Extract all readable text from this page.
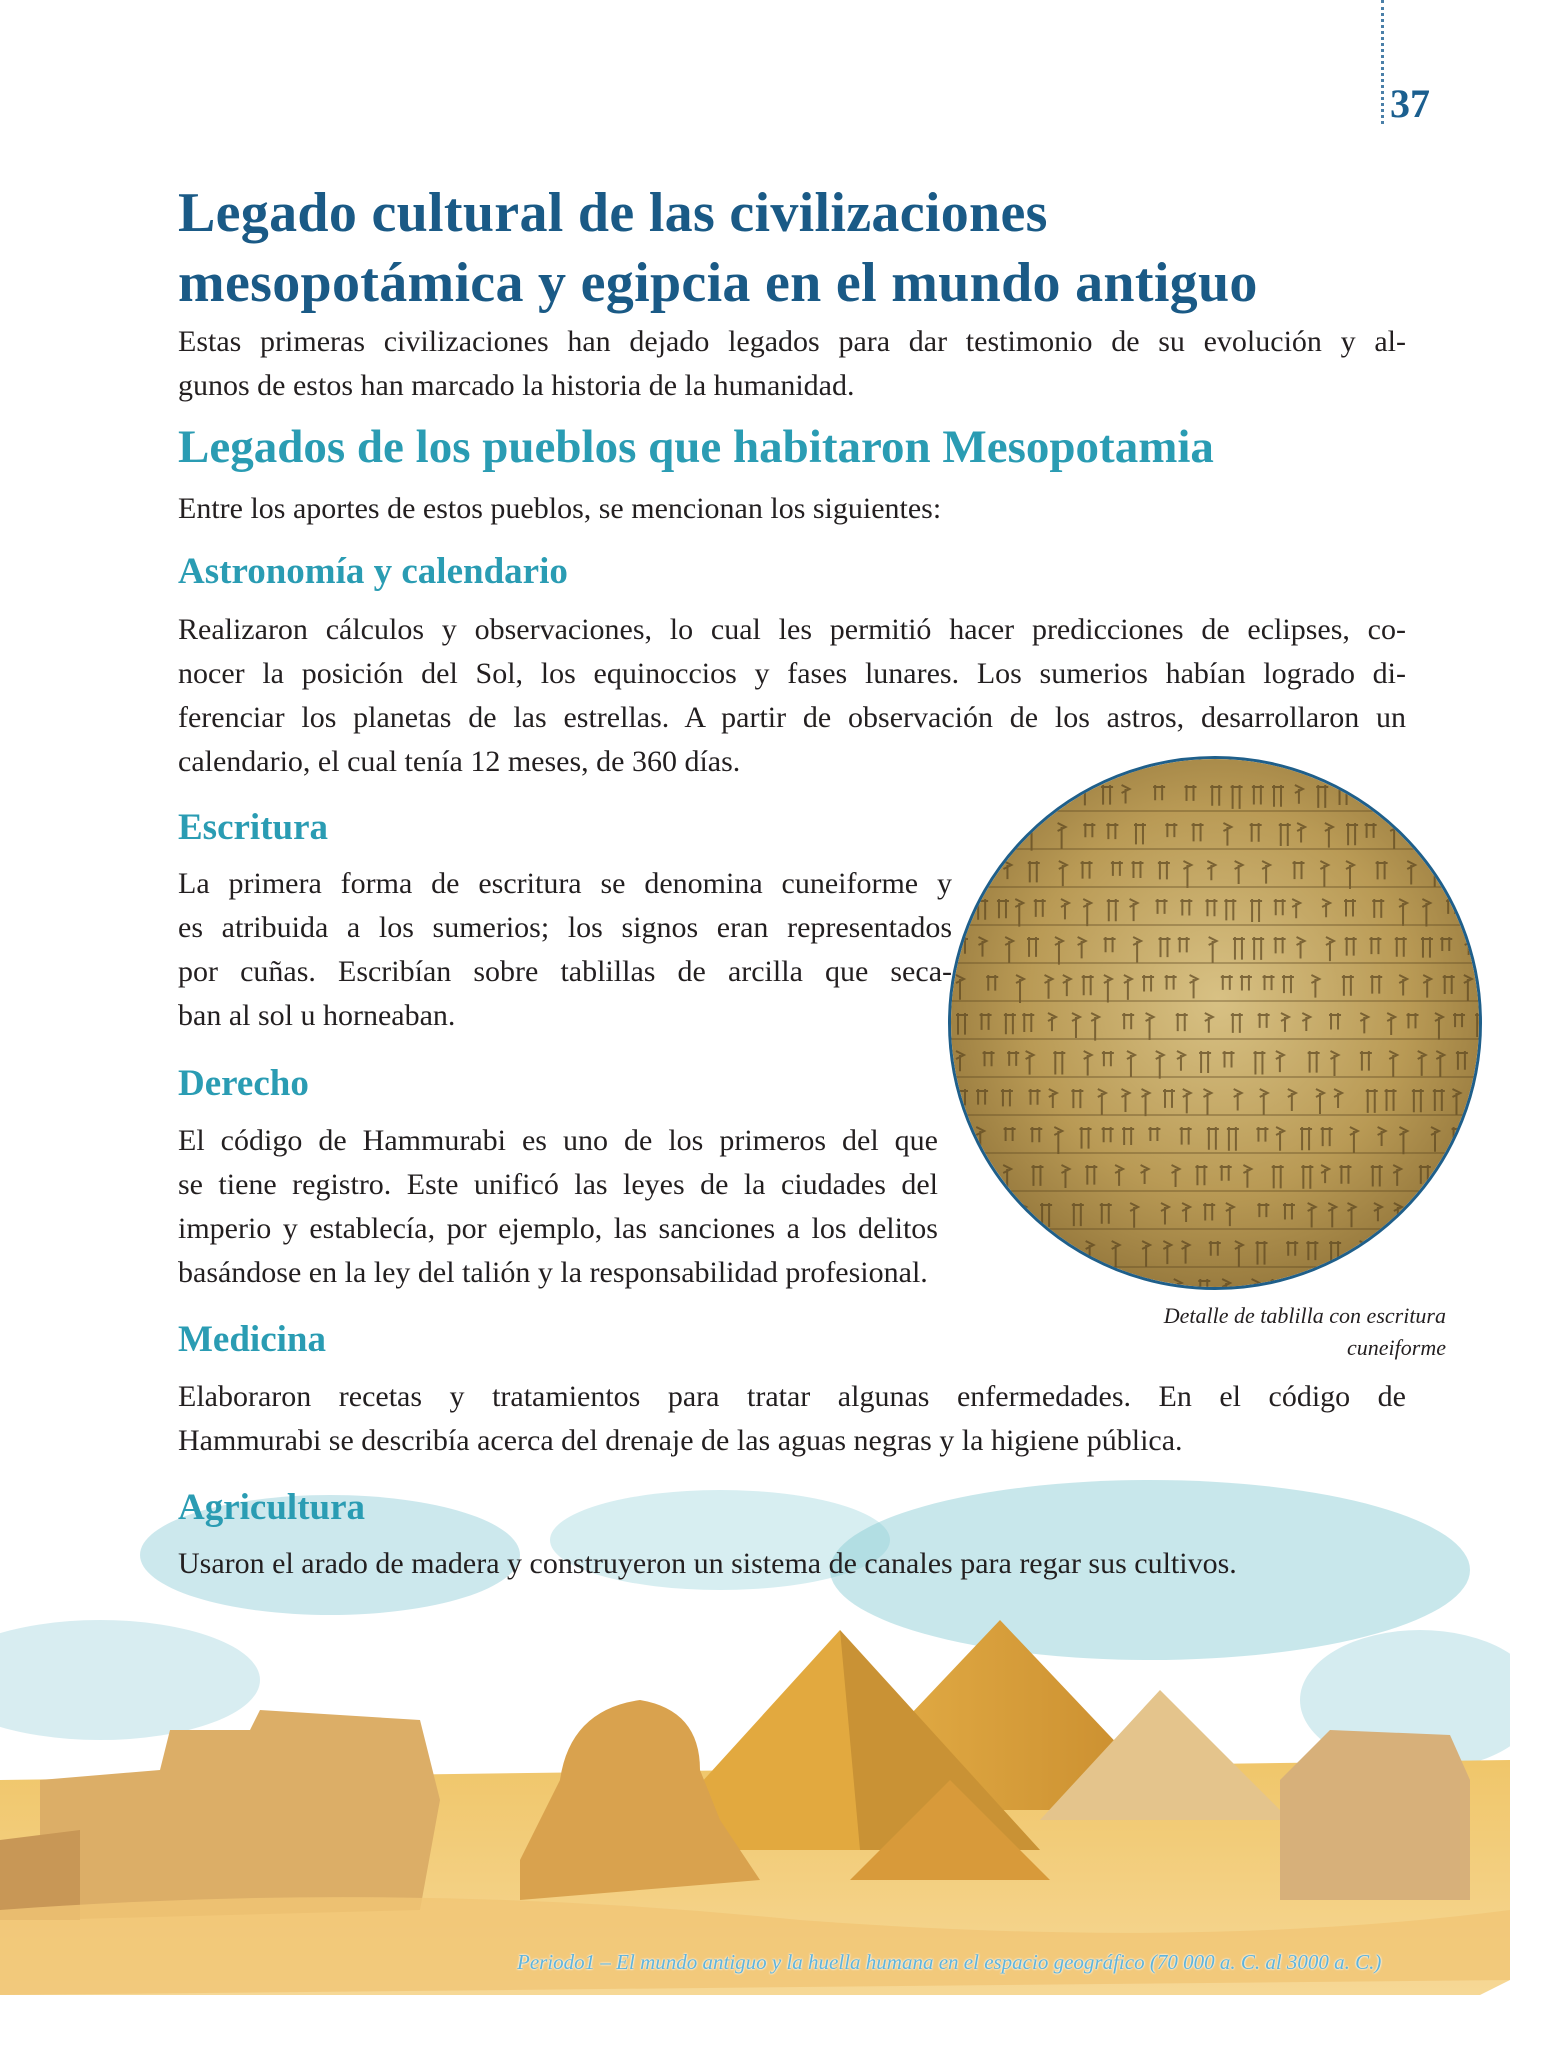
37
Legado cultural de las civilizaciones
mesopotámica y egipcia en el mundo antiguo
Estas primeras civilizaciones han dejado legados para dar testimonio de su evolución y al-
gunos de estos han marcado la historia de la humanidad.
Legados de los pueblos que habitaron Mesopotamia
Entre los aportes de estos pueblos, se mencionan los siguientes:
Astronomía y calendario
Realizaron cálculos y observaciones, lo cual les permitió hacer predicciones de eclipses, co-
nocer la posición del Sol, los equinoccios y fases lunares. Los sumerios habían logrado di-
ferenciar los planetas de las estrellas. A partir de observación de los astros, desarrollaron un
calendario, el cual tenía 12 meses, de 360 días.
Escritura
La primera forma de escritura se denomina cuneiforme y
es atribuida a los sumerios; los signos eran representados
por cuñas. Escribían sobre tablillas de arcilla que seca-
ban al sol u horneaban.
Derecho
El código de Hammurabi es uno de los primeros del que
se tiene registro. Este unificó las leyes de la ciudades del
imperio y establecía, por ejemplo, las sanciones a los delitos
basándose en la ley del talión y la responsabilidad profesional.
Medicina
Elaboraron recetas y tratamientos para tratar algunas enfermedades. En el código de
Hammurabi se describía acerca del drenaje de las aguas negras y la higiene pública.
Agricultura
Usaron el arado de madera y construyeron un sistema de canales para regar sus cultivos.
Detalle de tablilla con escritura
cuneiforme
Periodo1 – El mundo antiguo y la huella humana en el espacio geográfico (70 000 a. C. al 3000 a. C.)
